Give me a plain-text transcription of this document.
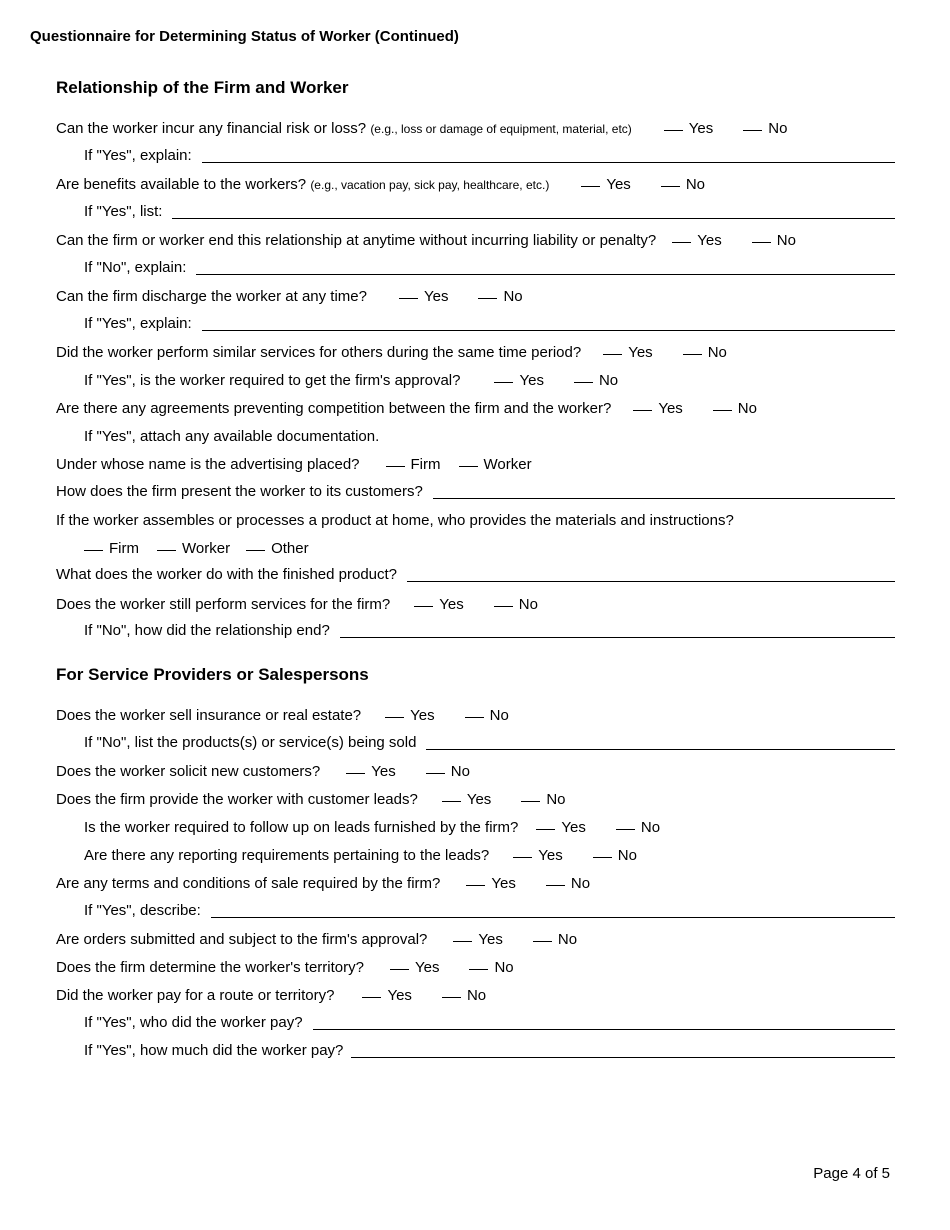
Questionnaire for Determining Status of Worker (Continued)
Relationship of the Firm and Worker
Can the worker incur any financial risk or loss?
(e.g., loss or damage of equipment, material, etc)	Yes	No
If "Yes", explain:
Are benefits available to the workers?
(e.g., vacation pay, sick pay, healthcare, etc.)	Yes	No
If "Yes", list:
Can the firm or worker end this relationship at anytime without incurring liability or penalty?	Yes	No
If "No", explain:
Can the firm discharge the worker at any time?	Yes	No
If "Yes", explain:
Did the worker perform similar services for others during the same time period?	Yes	No
If "Yes", is the worker required to get the firm's approval?	Yes	No
Are there any agreements preventing competition between the firm and the worker?	Yes	No
If "Yes", attach any available documentation.
Under whose name is the advertising placed?	Firm	Worker
How does the firm present the worker to its customers?
If the worker assembles or processes a product at home, who provides the materials and instructions?
Firm	Worker	Other
What does the worker do with the finished product?
Does the worker still perform services for the firm?	Yes	No
If "No", how did the relationship end?
For Service Providers or Salespersons
Does the worker sell insurance or real estate?	Yes	No
If "No", list the products(s) or service(s) being sold
Does the worker solicit new customers?	Yes	No
Does the firm provide the worker with customer leads?	Yes	No
Is the worker required to follow up on leads furnished by the firm?	Yes	No
Are there any reporting requirements pertaining to the leads?	Yes	No
Are any terms and conditions of sale required by the firm?	Yes	No
If "Yes", describe:
Are orders submitted and subject to the firm's approval?	Yes	No
Does the firm determine the worker's territory?	Yes	No
Did the worker pay for a route or territory?	Yes	No
If "Yes", who did the worker pay?
If "Yes", how much did the worker pay?
Page 4 of 5
